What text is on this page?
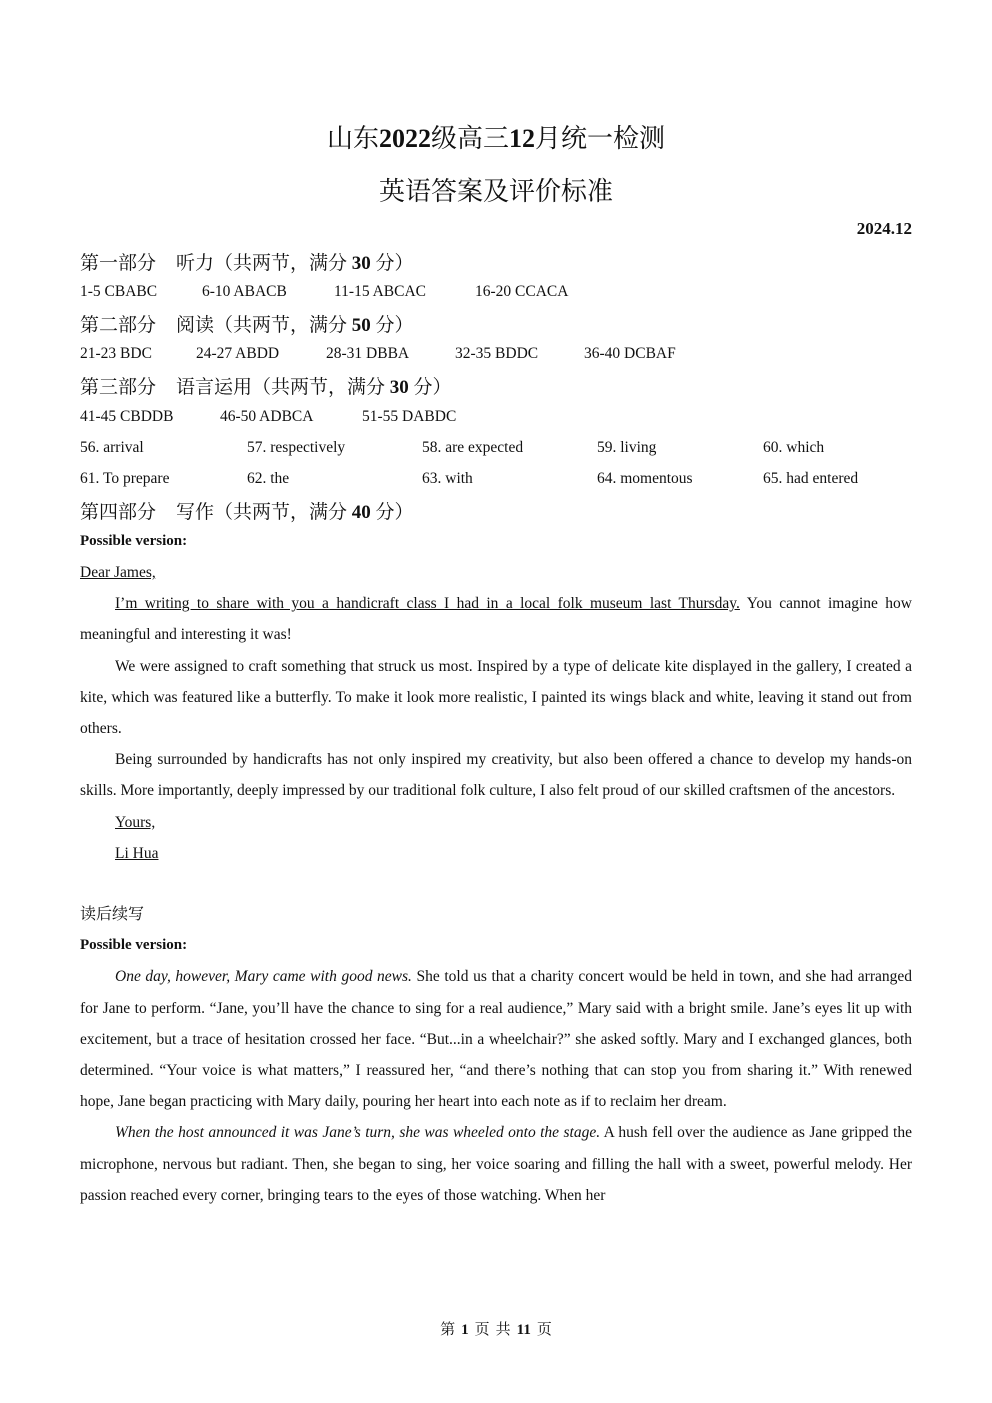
山东2022级高三12月统一检测
英语答案及评价标准
2024.12
第一部分 听力（共两节，满分 30 分）
1-5 CBABC	6-10 ABACB	11-15 ABCAC	16-20 CCACA
第二部分 阅读（共两节，满分 50 分）
21-23 BDC	24-27 ABDD	28-31 DBBA	32-35 BDDC	36-40 DCBAF
第三部分 语言运用（共两节，满分 30 分）
41-45 CBDDB	46-50 ADBCA	51-55 DABDC
56. arrival	57. respectively	58. are expected	59. living	60. which
61. To prepare	62. the	63. with	64. momentous	65. had entered
第四部分 写作（共两节，满分 40 分）
Possible version:

Dear James,

I’m writing to share with you a handicraft class I had in a local folk museum last Thursday. You cannot imagine how meaningful and interesting it was!

We were assigned to craft something that struck us most. Inspired by a type of delicate kite displayed in the gallery, I created a kite, which was featured like a butterfly. To make it look more realistic, I painted its wings black and white, leaving it stand out from others.

Being surrounded by handicrafts has not only inspired my creativity, but also been offered a chance to develop my hands-on skills. More importantly, deeply impressed by our traditional folk culture, I also felt proud of our skilled craftsmen of the ancestors.

Yours,

Li Hua

读后续写

Possible version:

One day, however, Mary came with good news. She told us that a charity concert would be held in town, and she had arranged for Jane to perform. “Jane, you’ll have the chance to sing for a real audience,” Mary said with a bright smile. Jane’s eyes lit up with excitement, but a trace of hesitation crossed her face. “But...in a wheelchair?” she asked softly. Mary and I exchanged glances, both determined. “Your voice is what matters,” I reassured her, “and there’s nothing that can stop you from sharing it.” With renewed hope, Jane began practicing with Mary daily, pouring her heart into each note as if to reclaim her dream.

When the host announced it was Jane’s turn, she was wheeled onto the stage. A hush fell over the audience as Jane gripped the microphone, nervous but radiant. Then, she began to sing, her voice soaring and filling the hall with a sweet, powerful melody. Her passion reached every corner, bringing tears to the eyes of those watching. When her

第 1 页 共 11 页
